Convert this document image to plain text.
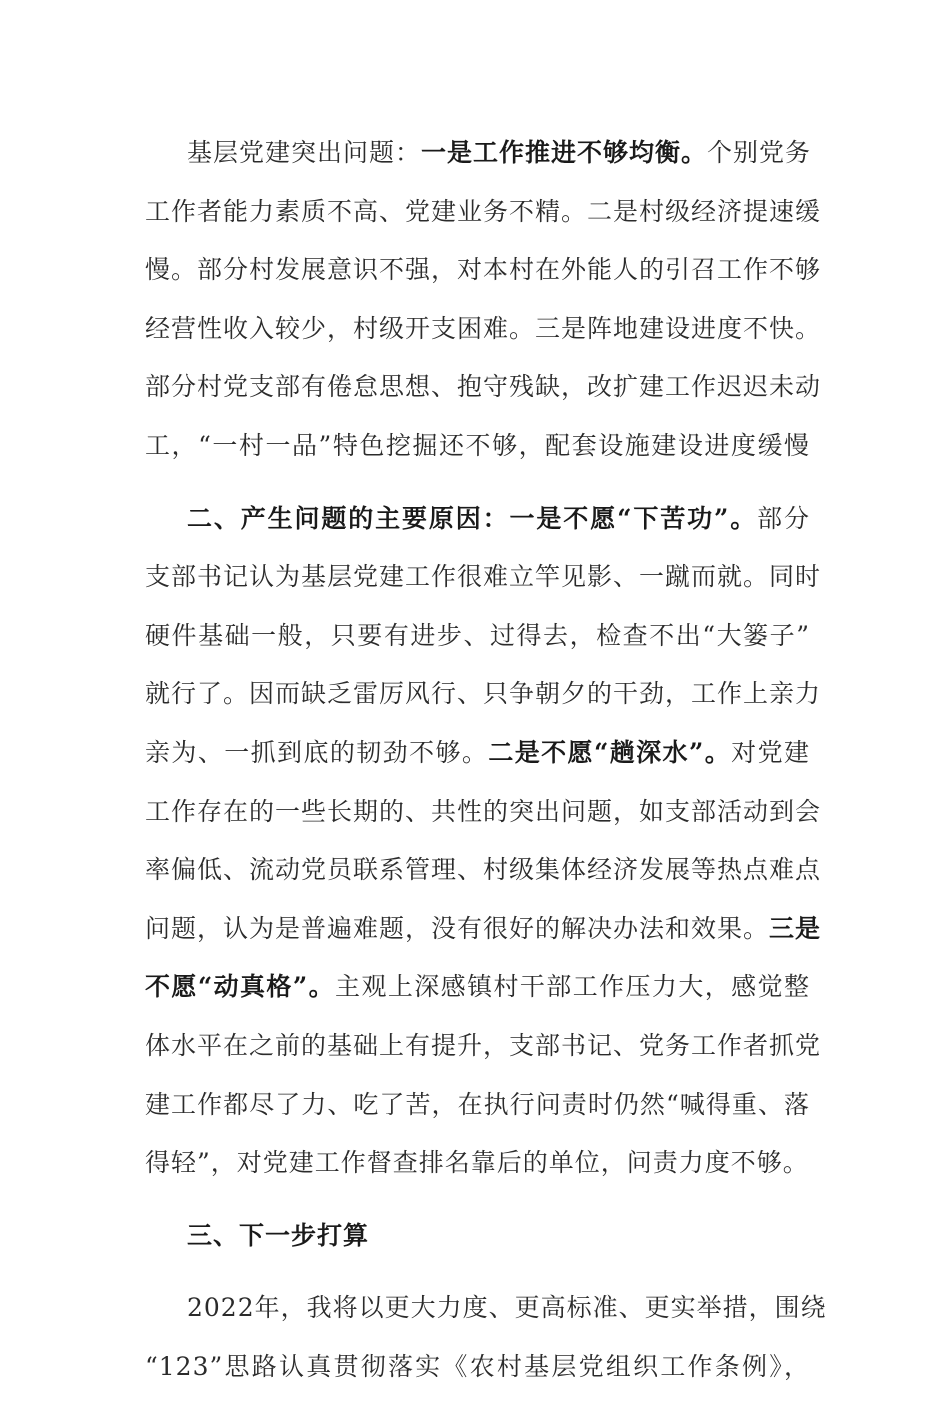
基层党建突出问题：一是工作推进不够均衡。个别党务
工作者能力素质不高、党建业务不精。二是村级经济提速缓
慢。部分村发展意识不强，对本村在外能人的引召工作不够
经营性收入较少，村级开支困难。三是阵地建设进度不快。
部分村党支部有倦怠思想、抱守残缺，改扩建工作迟迟未动
工，“一村一品”特色挖掘还不够，配套设施建设进度缓慢
二、产生问题的主要原因：一是不愿“下苦功”。部分
支部书记认为基层党建工作很难立竿见影、一蹴而就。同时
硬件基础一般，只要有进步、过得去，检查不出“大篓子”
就行了。因而缺乏雷厉风行、只争朝夕的干劲，工作上亲力
亲为、一抓到底的韧劲不够。二是不愿“趟深水”。对党建
工作存在的一些长期的、共性的突出问题，如支部活动到会
率偏低、流动党员联系管理、村级集体经济发展等热点难点
问题，认为是普遍难题，没有很好的解决办法和效果。三是
不愿“动真格”。主观上深感镇村干部工作压力大，感觉整
体水平在之前的基础上有提升，支部书记、党务工作者抓党
建工作都尽了力、吃了苦，在执行问责时仍然“喊得重、落
得轻”，对党建工作督查排名靠后的单位，问责力度不够。
三、下一步打算
2022年，我将以更大力度、更高标准、更实举措，围绕
“123”思路认真贯彻落实《农村基层党组织工作条例》，
